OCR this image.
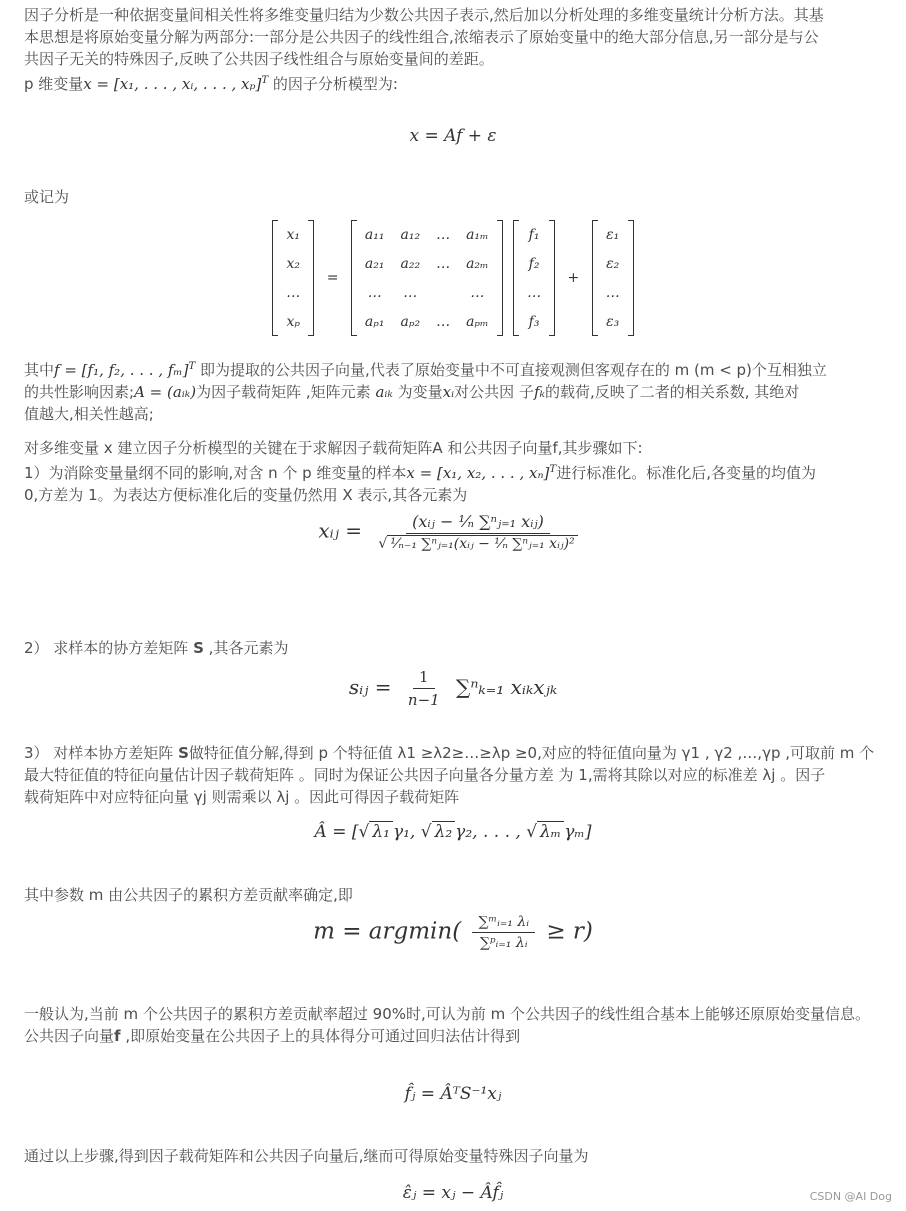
因子分析是一种依据变量间相关性将多维变量归结为少数公共因子表示,然后加以分析处理的多维变量统计分析方法。其基
本思想是将原始变量分解为两部分:一部分是公共因子的线性组合,浓缩表示了原始变量中的绝大部分信息,另一部分是与公
共因子无关的特殊因子,反映了公共因子线性组合与原始变量间的差距。
p 维变量x = [x₁, . . . , xᵢ, . . . , xₚ]$^T$ 的因子分析模型为:

x = Af + ε

或记为

x₁
x₂
…
xₚ
=
a₁₁	a₁₂	…	a₁ₘ
a₂₁	a₂₂	…	a₂ₘ
…	…		…
aₚ₁	aₚ₂	…	aₚₘ

f₁
f₂
…
f₃
+
ε₁
ε₂
…
ε₃

其中f = [f₁, f₂, . . . , fₘ]$^T$ 即为提取的公共因子向量,代表了原始变量中不可直接观测但客观存在的 m (m < p)个互相独立
的共性影响因素;A = (aᵢₖ)为因子载荷矩阵 ,矩阵元素 aᵢₖ 为变量xᵢ对公共因 子fₖ的载荷,反映了二者的相关系数, 其绝对
值越大,相关性越高;

对多维变量 x 建立因子分析模型的关键在于求解因子载荷矩阵A 和公共因子向量f,其步骤如下:
1）为消除变量量纲不同的影响,对含 n 个 p 维变量的样本x = [x₁, x₂, . . . , xₙ]$^T$进行标准化。标准化后,各变量的均值为
0,方差为 1。为表达方便标准化后的变量仍然用 X 表示,其各元素为

xᵢⱼ = $\frac{\text{(xᵢⱼ − ¹⁄ₙ ∑ⁿⱼ₌₁ xᵢⱼ)}}{\text{√ ¹⁄ₙ₋₁ ∑ⁿⱼ₌₁(xᵢⱼ − ¹⁄ₙ ∑ⁿⱼ₌₁ xᵢⱼ)²}}$

2） 求样本的协方差矩阵 S ,其各元素为

sᵢⱼ = $\frac{1}{n-1} \sum^n_{k=1}$ xᵢₖxⱼₖ

3） 对样本协方差矩阵 S做特征值分解,得到 p 个特征值 λ1 ≥λ2≥…≥λp ≥0,对应的特征值向量为 γ1 , γ2 ,…,γp ,可取前 m 个
最大特征值的特征向量估计因子载荷矩阵 。同时为保证公共因子向量各分量方差 为 1,需将其除以对应的标准差 λj 。因子
载荷矩阵中对应特征向量 γj 则需乘以 λj 。因此可得因子载荷矩阵

Â = [√ λ₁ γ₁, √ λ₂ γ₂, . . . , √ λₘ γₘ]

其中参数 m 由公共因子的累积方差贡献率确定,即

$m = argmin( \frac{\text{∑ᵐᵢ₌₁ λᵢ}}{\text{∑ᵖᵢ₌₁ λᵢ}} \ge r)$

一般认为,当前 m 个公共因子的累积方差贡献率超过 90%时,可认为前 m 个公共因子的线性组合基本上能够还原原始变量信息。
公共因子向量f ,即原始变量在公共因子上的具体得分可通过回归法估计得到

f̂ⱼ = ÂᵀS⁻¹xⱼ

通过以上步骤,得到因子载荷矩阵和公共因子向量后,继而可得原始变量特殊因子向量为

ε̂ⱼ = xⱼ − Âf̂ⱼ	CSDN @AI Dog
